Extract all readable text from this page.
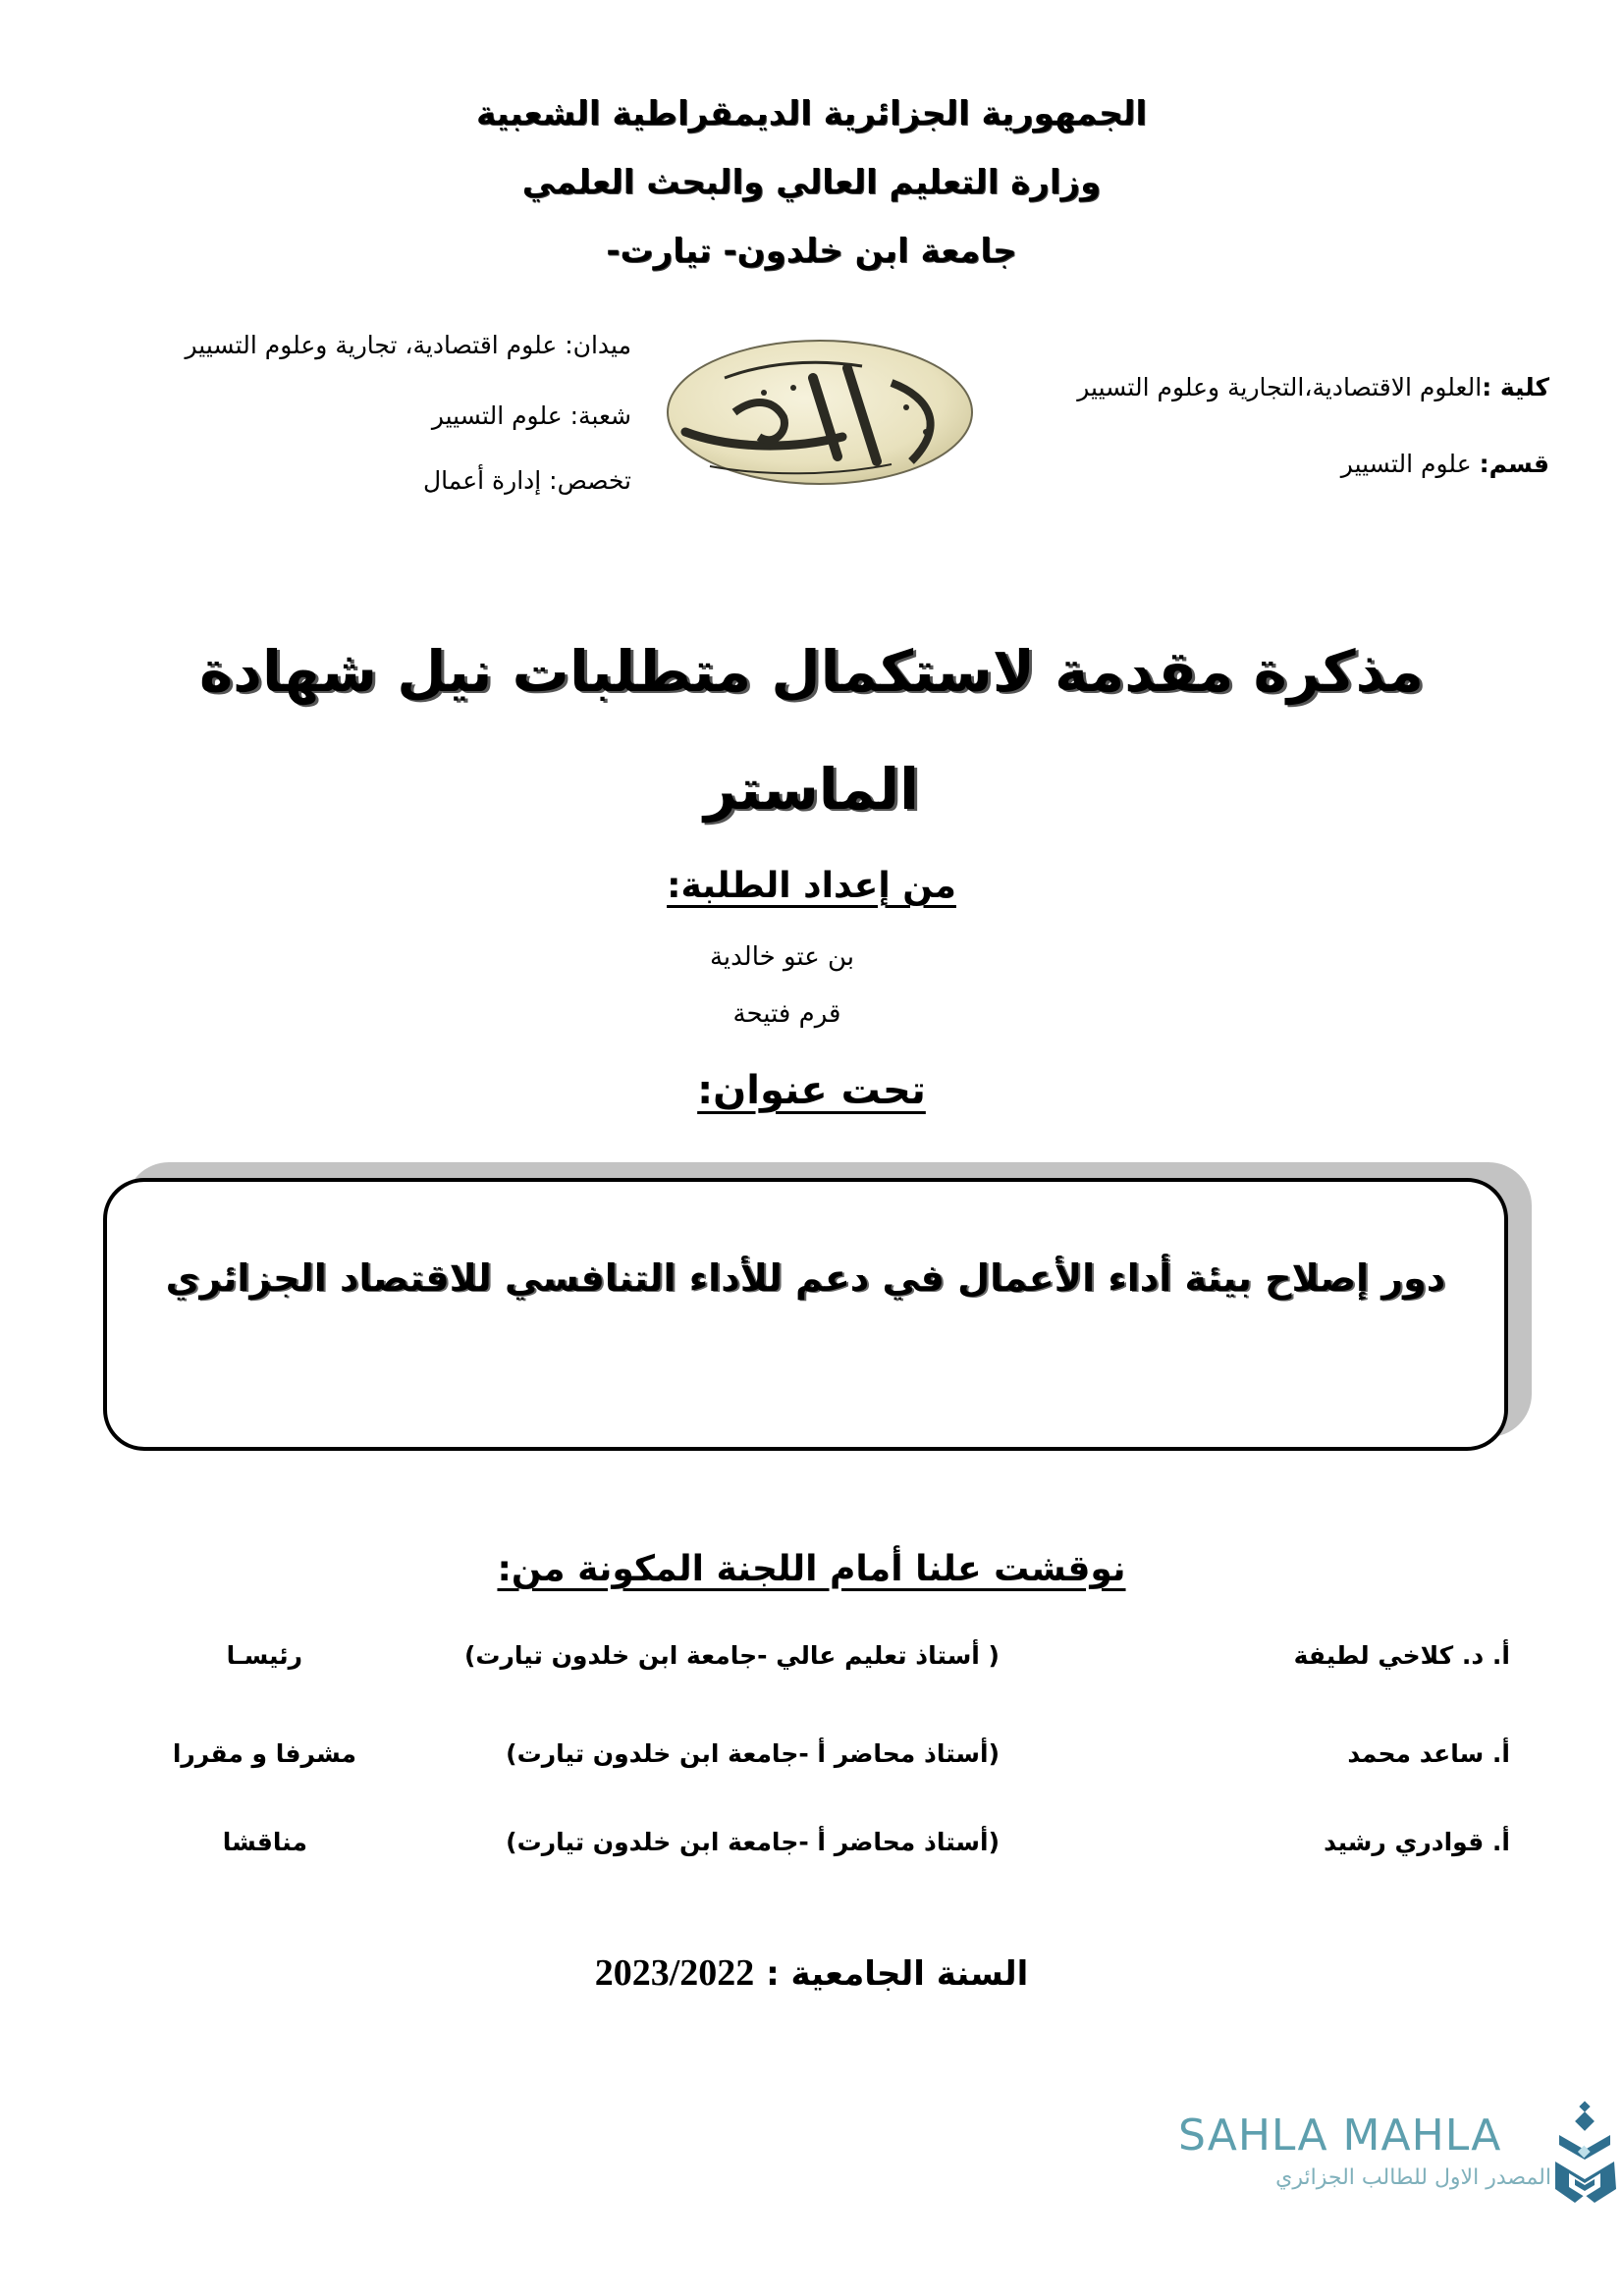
الجمهورية الجزائرية الديمقراطية الشعبية
وزارة التعليم العالي والبحث العلمي
جامعة ابن خلدون- تيارت-
كلية :العلوم الاقتصادية،التجارية وعلوم التسيير
قسم: علوم التسيير
ميدان: علوم اقتصادية، تجارية وعلوم التسيير
شعبة: علوم التسيير
تخصص: إدارة أعمال
مذكرة مقدمة لاستكمال متطلبات نيل شهادة
الماستر
من إعداد الطلبة:
بن عتو خالدية
قرم فتيحة
تحت عنوان:
دور إصلاح بيئة أداء الأعمال في دعم للأداء التنافسي للاقتصاد الجزائري
نوقشت علنا أمام اللجنة المكونة من:
أ. د. كلاخي لطيفة
( أستاذ تعليم عالي -جامعة ابن خلدون تيارت)
رئيسـا
أ. ساعد محمد
(أستاذ محاضر أ -جامعة ابن خلدون تيارت)
مشرفا و مقررا
أ. قوادري رشيد
(أستاذ محاضر أ -جامعة ابن خلدون تيارت)
مناقشا
السنة الجامعية : 2023/2022
SAHLA MAHLA
المصدر الاول للطالب الجزائري
